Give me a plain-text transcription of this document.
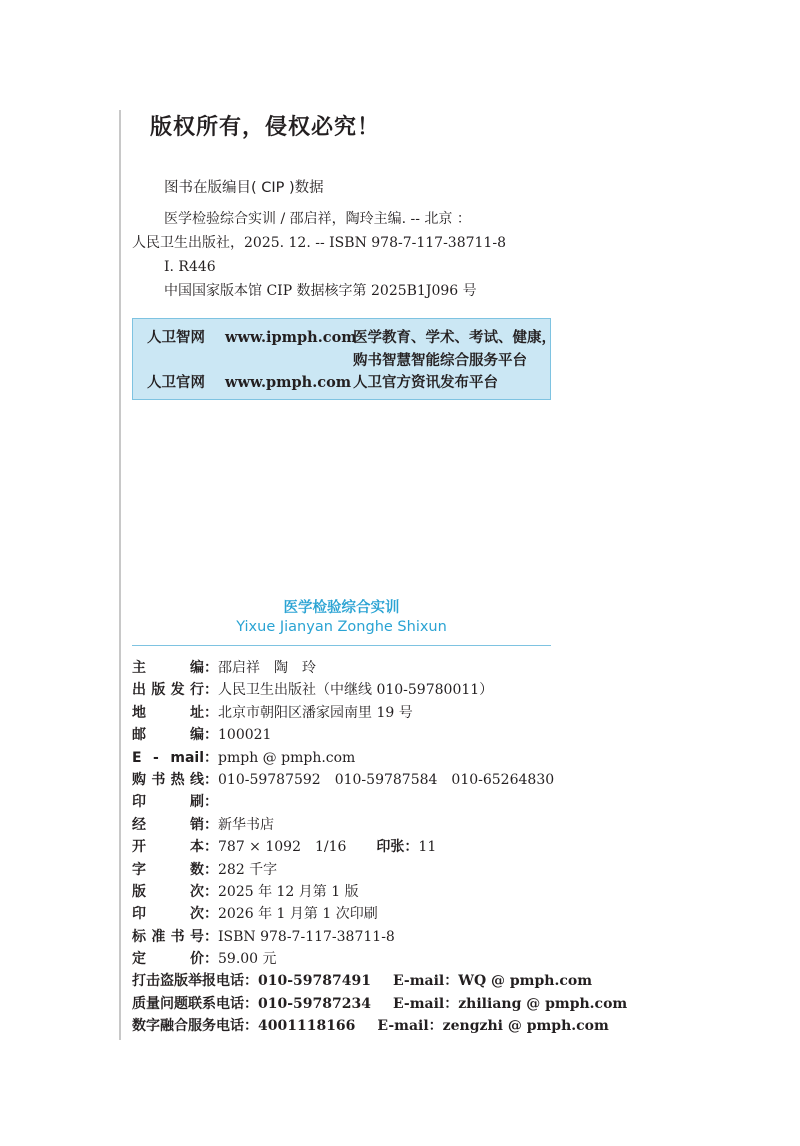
版权所有，侵权必究！
图书在版编目( CIP )数据
医学检验综合实训 / 邵启祥，陶玲主编. -- 北京 ：
人民卫生出版社，2025. 12. -- ISBN 978-7-117-38711-8
Ⅰ. R446
中国国家版本馆 CIP 数据核字第 2025B1J096 号
人卫智网 www.ipmph.com医学教育、学术、考试、健康，
购书智慧智能综合服务平台
人卫官网 www.pmph.com 人卫官方资讯发布平台
医学检验综合实训
Yixue Jianyan Zonghe Shixun
主编：邵启祥　陶　玲
出版发行：人民卫生出版社（中继线 010-59780011）
地址：北京市朝阳区潘家园南里 19 号
邮编：100021
E - mail：pmph @ pmph.com
购书热线：010-59787592　010-59787584　010-65264830
印刷：
经销：新华书店
开本：787 × 1092　1/16 印张：11
字数：282 千字
版次：2025 年 12 月第 1 版
印次：2026 年 1 月第 1 次印刷
标准书号：ISBN 978-7-117-38711-8
定价：59.00 元
打击盗版举报电话：010-59787491 E-mail：WQ @ pmph.com
质量问题联系电话：010-59787234 E-mail：zhiliang @ pmph.com
数字融合服务电话：4001118166 E-mail：zengzhi @ pmph.com
